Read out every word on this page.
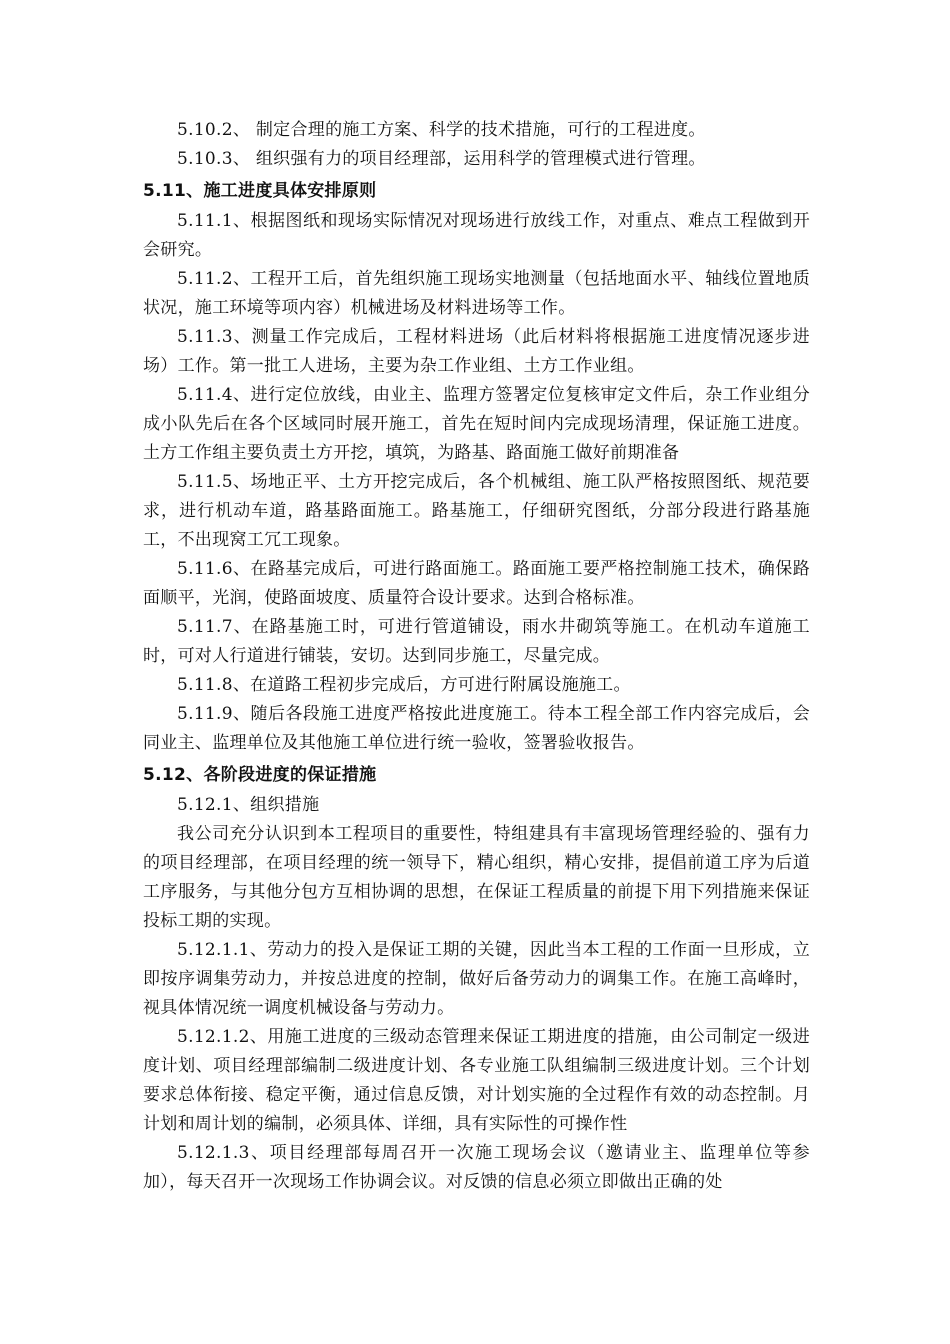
5.10.2、 制定合理的施工方案、科学的技术措施，可行的工程进度。

5.10.3、 组织强有力的项目经理部，运用科学的管理模式进行管理。

5.11、施工进度具体安排原则

5.11.1、根据图纸和现场实际情况对现场进行放线工作，对重点、难点工程做到开会研究。

5.11.2、工程开工后，首先组织施工现场实地测量（包括地面水平、轴线位置地质状况，施工环境等项内容）机械进场及材料进场等工作。

5.11.3、测量工作完成后，工程材料进场（此后材料将根据施工进度情况逐步进场）工作。第一批工人进场，主要为杂工作业组、土方工作业组。

5.11.4、进行定位放线，由业主、监理方签署定位复核审定文件后，杂工作业组分成小队先后在各个区域同时展开施工，首先在短时间内完成现场清理，保证施工进度。土方工作组主要负责土方开挖，填筑，为路基、路面施工做好前期准备

5.11.5、场地正平、土方开挖完成后，各个机械组、施工队严格按照图纸、规范要求，进行机动车道，路基路面施工。路基施工，仔细研究图纸，分部分段进行路基施工，不出现窝工冗工现象。

5.11.6、在路基完成后，可进行路面施工。路面施工要严格控制施工技术，确保路面顺平，光润，使路面坡度、质量符合设计要求。达到合格标准。

5.11.7、在路基施工时，可进行管道铺设，雨水井砌筑等施工。在机动车道施工时，可对人行道进行铺装，安切。达到同步施工，尽量完成。

5.11.8、在道路工程初步完成后，方可进行附属设施施工。

5.11.9、随后各段施工进度严格按此进度施工。待本工程全部工作内容完成后，会同业主、监理单位及其他施工单位进行统一验收，签署验收报告。

5.12、各阶段进度的保证措施

5.12.1、组织措施

我公司充分认识到本工程项目的重要性，特组建具有丰富现场管理经验的、强有力的项目经理部，在项目经理的统一领导下，精心组织，精心安排，提倡前道工序为后道工序服务，与其他分包方互相协调的思想，在保证工程质量的前提下用下列措施来保证投标工期的实现。

5.12.1.1、劳动力的投入是保证工期的关键，因此当本工程的工作面一旦形成，立即按序调集劳动力，并按总进度的控制，做好后备劳动力的调集工作。在施工高峰时，视具体情况统一调度机械设备与劳动力。

5.12.1.2、用施工进度的三级动态管理来保证工期进度的措施，由公司制定一级进度计划、项目经理部编制二级进度计划、各专业施工队组编制三级进度计划。三个计划要求总体衔接、稳定平衡，通过信息反馈，对计划实施的全过程作有效的动态控制。月计划和周计划的编制，必须具体、详细，具有实际性的可操作性

5.12.1.3、项目经理部每周召开一次施工现场会议（邀请业主、监理单位等参加），每天召开一次现场工作协调会议。对反馈的信息必须立即做出正确的处
